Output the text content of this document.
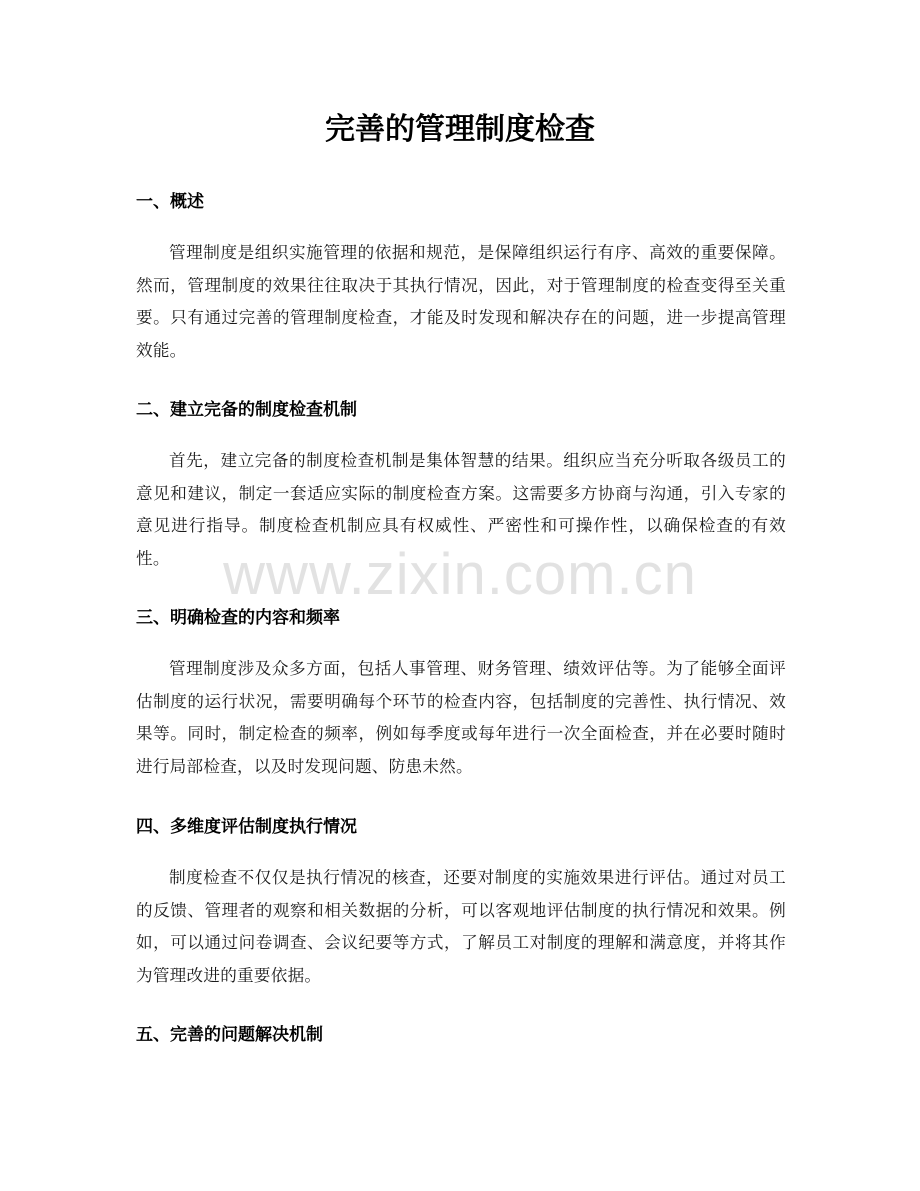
完善的管理制度检查
一、概述

管理制度是组织实施管理的依据和规范，是保障组织运行有序、高效的重要保障。然而，管理制度的效果往往取决于其执行情况，因此，对于管理制度的检查变得至关重要。只有通过完善的管理制度检查，才能及时发现和解决存在的问题，进一步提高管理效能。

二、建立完备的制度检查机制

首先，建立完备的制度检查机制是集体智慧的结果。组织应当充分听取各级员工的意见和建议，制定一套适应实际的制度检查方案。这需要多方协商与沟通，引入专家的意见进行指导。制度检查机制应具有权威性、严密性和可操作性，以确保检查的有效性。

三、明确检查的内容和频率

管理制度涉及众多方面，包括人事管理、财务管理、绩效评估等。为了能够全面评估制度的运行状况，需要明确每个环节的检查内容，包括制度的完善性、执行情况、效果等。同时，制定检查的频率，例如每季度或每年进行一次全面检查，并在必要时随时进行局部检查，以及时发现问题、防患未然。

四、多维度评估制度执行情况

制度检查不仅仅是执行情况的核查，还要对制度的实施效果进行评估。通过对员工的反馈、管理者的观察和相关数据的分析，可以客观地评估制度的执行情况和效果。例如，可以通过问卷调查、会议纪要等方式，了解员工对制度的理解和满意度，并将其作为管理改进的重要依据。

五、完善的问题解决机制
www.zixin.com.cn
